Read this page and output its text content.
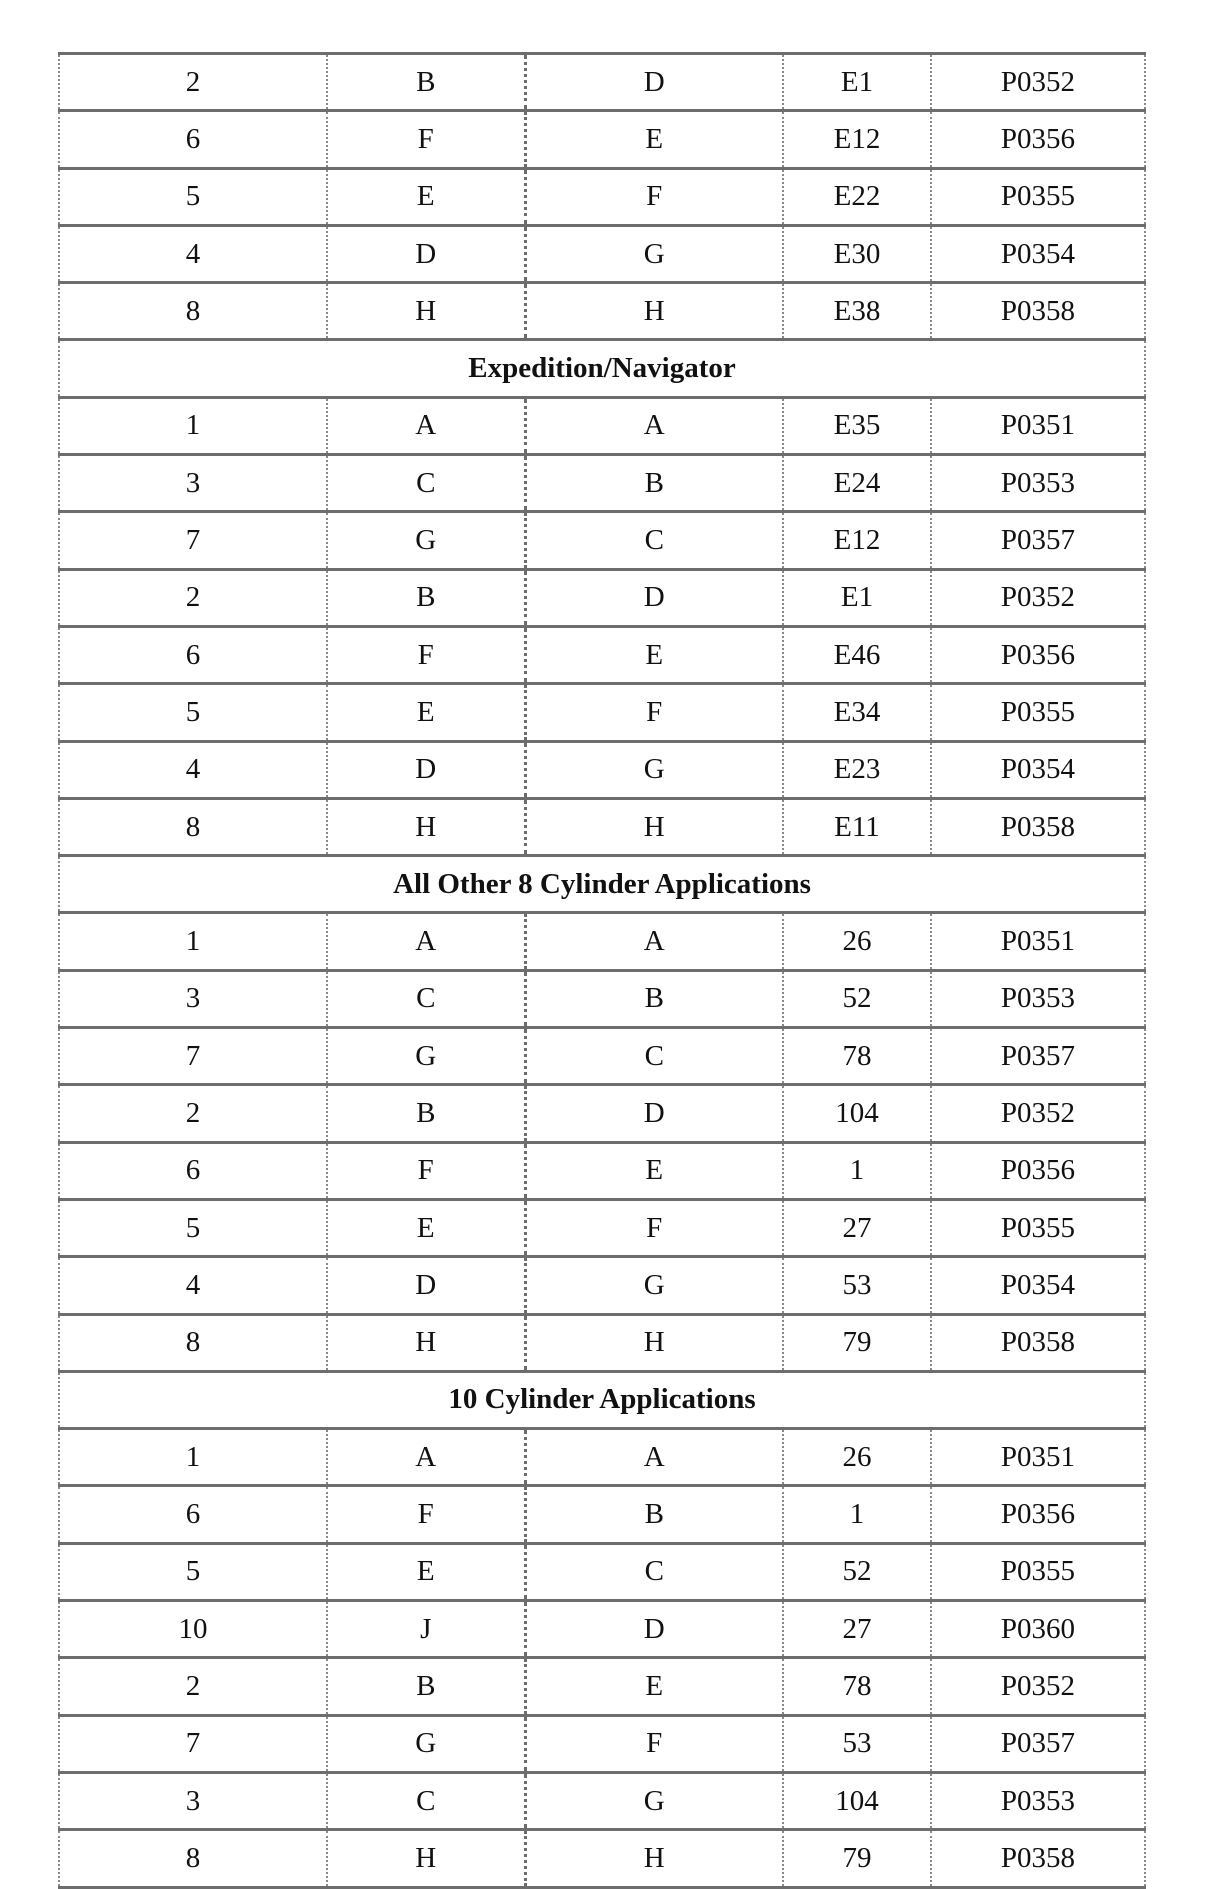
2	B	D	E1	P0352
6	F	E	E12	P0356
5	E	F	E22	P0355
4	D	G	E30	P0354
8	H	H	E38	P0358
Expedition/Navigator				
1	A	A	E35	P0351
3	C	B	E24	P0353
7	G	C	E12	P0357
2	B	D	E1	P0352
6	F	E	E46	P0356
5	E	F	E34	P0355
4	D	G	E23	P0354
8	H	H	E11	P0358
All Other 8 Cylinder Applications				
1	A	A	26	P0351
3	C	B	52	P0353
7	G	C	78	P0357
2	B	D	104	P0352
6	F	E	1	P0356
5	E	F	27	P0355
4	D	G	53	P0354
8	H	H	79	P0358
10 Cylinder Applications				
1	A	A	26	P0351
6	F	B	1	P0356
5	E	C	52	P0355
10	J	D	27	P0360
2	B	E	78	P0352
7	G	F	53	P0357
3	C	G	104	P0353
8	H	H	79	P0358
